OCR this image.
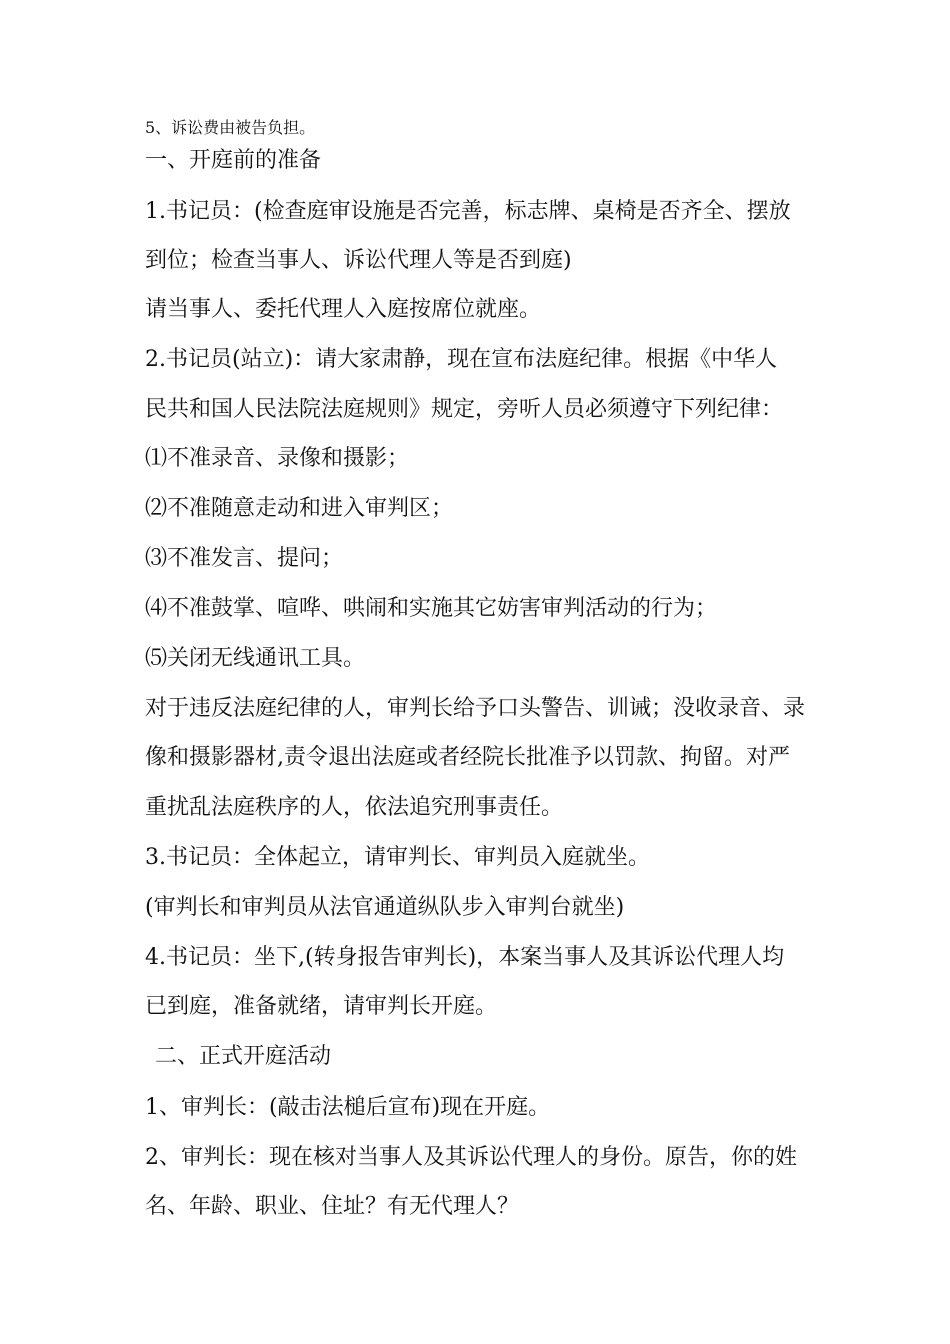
5、诉讼费由被告负担。
一、开庭前的准备
1.书记员：(检查庭审设施是否完善，标志牌、桌椅是否齐全、摆放
到位；检查当事人、诉讼代理人等是否到庭)
请当事人、委托代理人入庭按席位就座。
2.书记员(站立)：请大家肃静，现在宣布法庭纪律。根据《中华人
民共和国人民法院法庭规则》规定，旁听人员必须遵守下列纪律：
⑴不准录音、录像和摄影；
⑵不准随意走动和进入审判区；
⑶不准发言、提问；
⑷不准鼓掌、喧哗、哄闹和实施其它妨害审判活动的行为；
⑸关闭无线通讯工具。
对于违反法庭纪律的人，审判长给予口头警告、训诫；没收录音、录
像和摄影器材,责令退出法庭或者经院长批准予以罚款、拘留。对严
重扰乱法庭秩序的人，依法追究刑事责任。
3.书记员：全体起立，请审判长、审判员入庭就坐。
(审判长和审判员从法官通道纵队步入审判台就坐)
4.书记员：坐下,(转身报告审判长)，本案当事人及其诉讼代理人均
已到庭，准备就绪，请审判长开庭。
二、正式开庭活动
1、审判长：(敲击法槌后宣布)现在开庭。
2、审判长：现在核对当事人及其诉讼代理人的身份。原告，你的姓
名、年龄、职业、住址？有无代理人？
